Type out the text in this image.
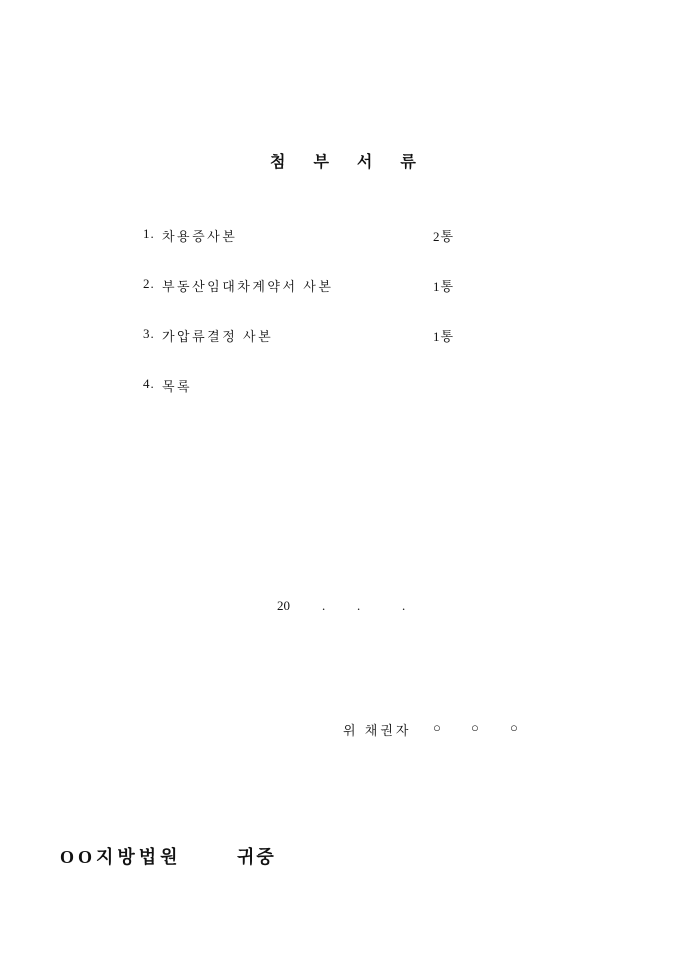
첨부서류
1. 차용증사본	2통
2. 부동산임대차계약서 사본	1통
3. 가압류결정 사본	1통
4. 목록
20 . .	.
위 채권자 ○ ○ ○
OO지방법원	귀중
